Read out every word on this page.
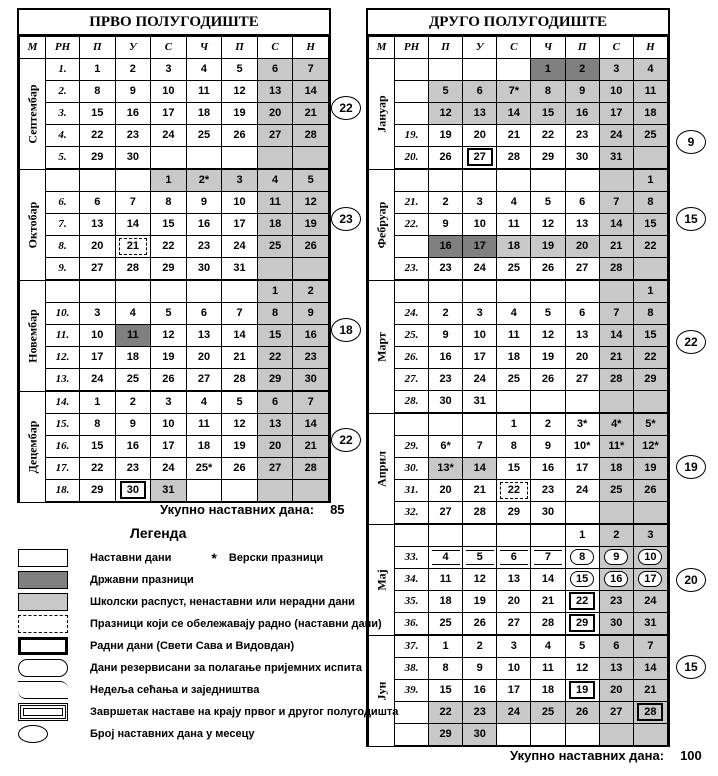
ПРВО ПОЛУГОДИШТЕ
М	РН	П	У	С	Ч	П	С	Н

Септембар	1.	1	2	3	4	5	6	7
	2.	8	9	10	11	12	13	14
	3.	15	16	17	18	19	20	21
	4.	22	23	24	25	26	27	28
	5.	29	30					

Октобар				1	2*	3	4	5
	6.	6	7	8	9	10	11	12
	7.	13	14	15	16	17	18	19
	8.	20	21	22	23	24	25	26
	9.	27	28	29	30	31		

Новембар							1	2
	10.	3	4	5	6	7	8	9
	11.	10	11	12	13	14	15	16
	12.	17	18	19	20	21	22	23
	13.	24	25	26	27	28	29	30

Децембар	14.	1	2	3	4	5	6	7
	15.	8	9	10	11	12	13	14
	16.	15	16	17	18	19	20	21
	17.	22	23	24	25*	26	27	28
	18.	29	30	31				
ДРУГО ПОЛУГОДИШТЕ
М	РН	П	У	С	Ч	П	С	Н

Јануар					1	2	3	4
		5	6	7*	8	9	10	11
		12	13	14	15	16	17	18
	19.	19	20	21	22	23	24	25
	20.	26	27	28	29	30	31	

Фебруар								1
	21.	2	3	4	5	6	7	8
	22.	9	10	11	12	13	14	15
		16	17	18	19	20	21	22
	23.	23	24	25	26	27	28	

Март								1
	24.	2	3	4	5	6	7	8
	25.	9	10	11	12	13	14	15
	26.	16	17	18	19	20	21	22
	27.	23	24	25	26	27	28	29
	28.	30	31					

Април				1	2	3*	4*	5*
	29.	6*	7	8	9	10*	11*	12*
	30.	13*	14	15	16	17	18	19
	31.	20	21	22	23	24	25	26
	32.	27	28	29	30			

Мај						1	2	3
	33.	4	5	6	7	8	9	10
	34.	11	12	13	14	15	16	17
	35.	18	19	20	21	22	23	24
	36.	25	26	27	28	29	30	31

Јун	37.	1	2	3	4	5	6	7
	38.	8	9	10	11	12	13	14
	39.	15	16	17	18	19	20	21
		22	23	24	25	26	27	28
		29	30					
Укупно наставних дана: 85
Укупно наставних дана: 100
Легенда
Наставни дани	* Верски празници
Државни празници
Школски распуст, ненаставни или нерадни дани
Празници који се обележавају радно (наставни дани)
Радни дани (Свети Сава и Видовдан)
Дани резервисани за полагање пријемних испита
Недеља сећања и заједништва
Завршетак наставе на крају првог и другог полугодишта
Број наставних дана у месецу
22
23
18
22
9
15
22
19
20
15
